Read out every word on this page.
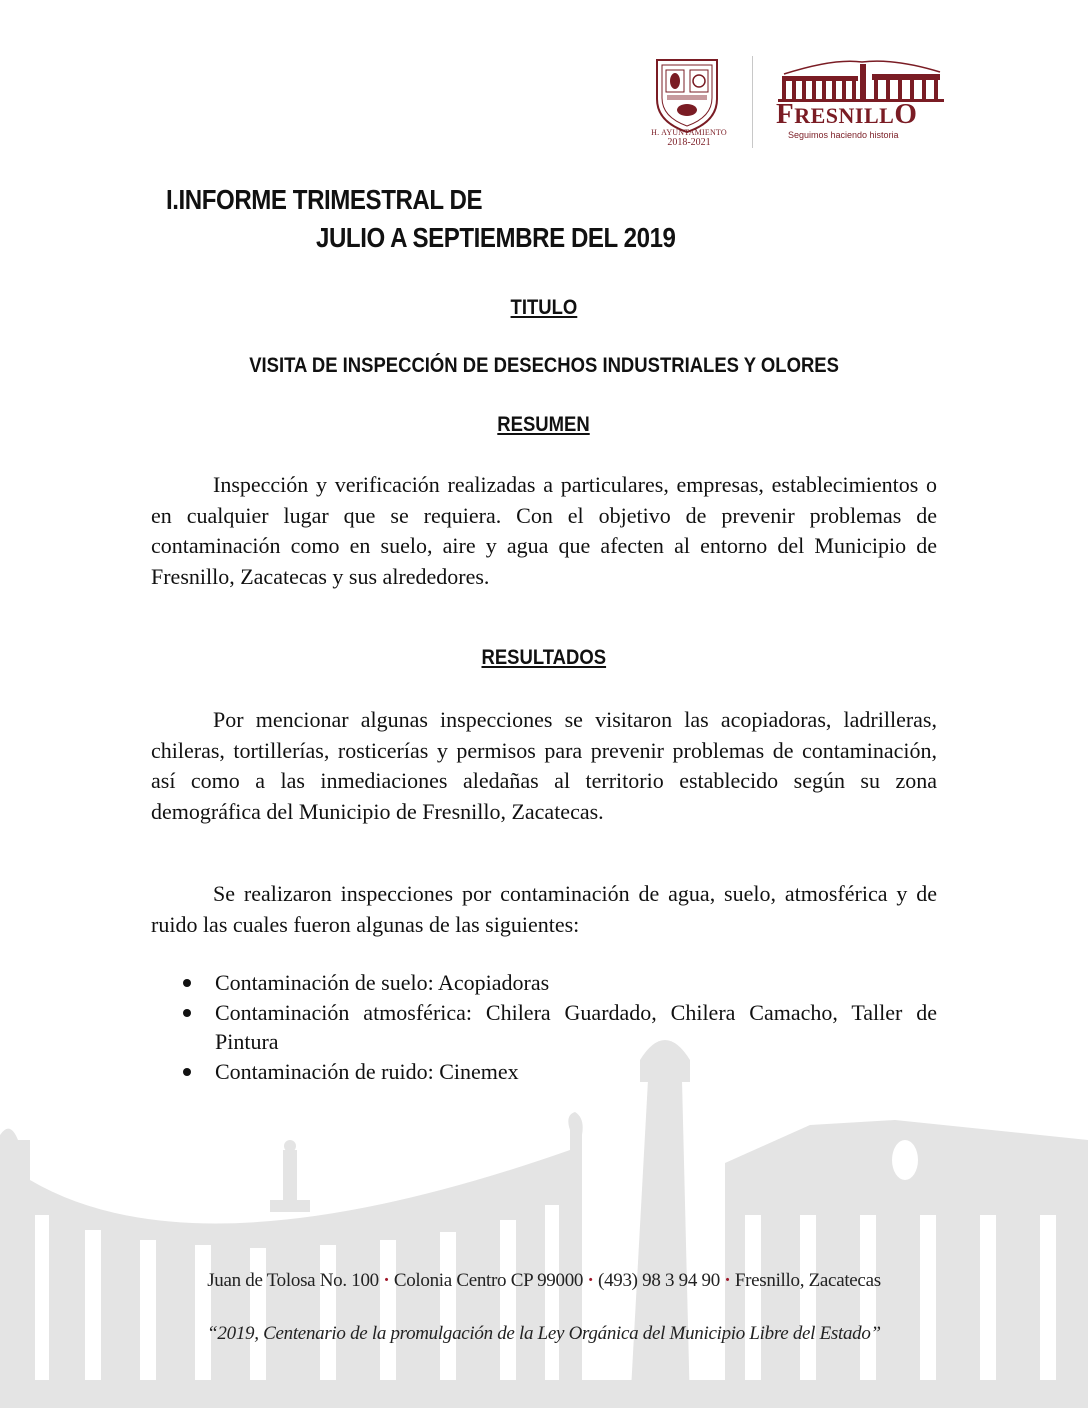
H. AYUNTAMIENTO
2018-2021
FRESNILLO
Seguimos haciendo historia
I.INFORME TRIMESTRAL DE
JULIO A SEPTIEMBRE DEL 2019
TITULO
VISITA DE INSPECCIÓN DE DESECHOS INDUSTRIALES Y OLORES
RESUMEN

Inspección y verificación realizadas a particulares, empresas, establecimientos o en cualquier lugar que se requiera. Con el objetivo de prevenir problemas de contaminación como en suelo, aire y agua que afecten al entorno del Municipio de Fresnillo, Zacatecas y sus alrededores.

RESULTADOS

Por mencionar algunas inspecciones se visitaron las acopiadoras, ladrilleras, chileras, tortillerías, rosticerías y permisos para prevenir problemas de contaminación, así como a las inmediaciones aledañas al territorio establecido según su zona demográfica del Municipio de Fresnillo, Zacatecas.

Se realizaron inspecciones por contaminación de agua, suelo, atmosférica y de ruido las cuales fueron algunas de las siguientes:

Contaminación de suelo: Acopiadoras
Contaminación atmosférica: Chilera Guardado, Chilera Camacho, Taller de Pintura
Contaminación de ruido: Cinemex
Juan de Tolosa No. 100 · Colonia Centro CP 99000 · (493) 98 3 94 90 · Fresnillo, Zacatecas
“2019, Centenario de la promulgación de la Ley Orgánica del Municipio Libre del Estado”
